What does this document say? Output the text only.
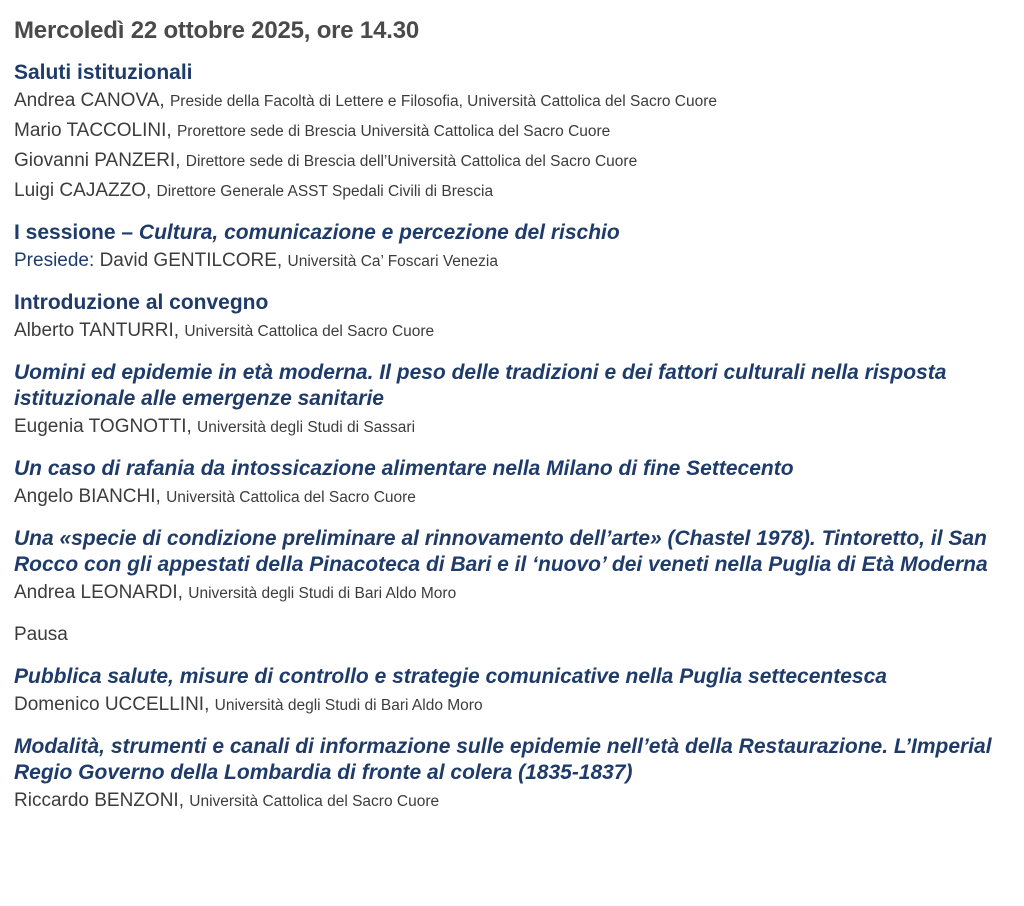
Mercoledì 22 ottobre 2025, ore 14.30
Saluti istituzionali
Andrea CANOVA, Preside della Facoltà di Lettere e Filosofia, Università Cattolica del Sacro Cuore
Mario TACCOLINI, Prorettore sede di Brescia Università Cattolica del Sacro Cuore
Giovanni PANZERI, Direttore sede di Brescia dell’Università Cattolica del Sacro Cuore
Luigi CAJAZZO, Direttore Generale ASST Spedali Civili di Brescia
I sessione – Cultura, comunicazione e percezione del rischio
Presiede: David GENTILCORE, Università Ca’ Foscari Venezia
Introduzione al convegno
Alberto TANTURRI, Università Cattolica del Sacro Cuore
Uomini ed epidemie in età moderna. Il peso delle tradizioni e dei fattori culturali nella risposta istituzionale alle emergenze sanitarie
Eugenia TOGNOTTI, Università degli Studi di Sassari
Un caso di rafania da intossicazione alimentare nella Milano di fine Settecento
Angelo BIANCHI, Università Cattolica del Sacro Cuore
Una «specie di condizione preliminare al rinnovamento dell’arte» (Chastel 1978). Tintoretto, il San Rocco con gli appestati della Pinacoteca di Bari e il ‘nuovo’ dei veneti nella Puglia di Età Moderna
Andrea LEONARDI, Università degli Studi di Bari Aldo Moro
Pausa
Pubblica salute, misure di controllo e strategie comunicative nella Puglia settecentesca
Domenico UCCELLINI, Università degli Studi di Bari Aldo Moro
Modalità, strumenti e canali di informazione sulle epidemie nell’età della Restaurazione. L’Imperial Regio Governo della Lombardia di fronte al colera (1835-1837)
Riccardo BENZONI, Università Cattolica del Sacro Cuore
